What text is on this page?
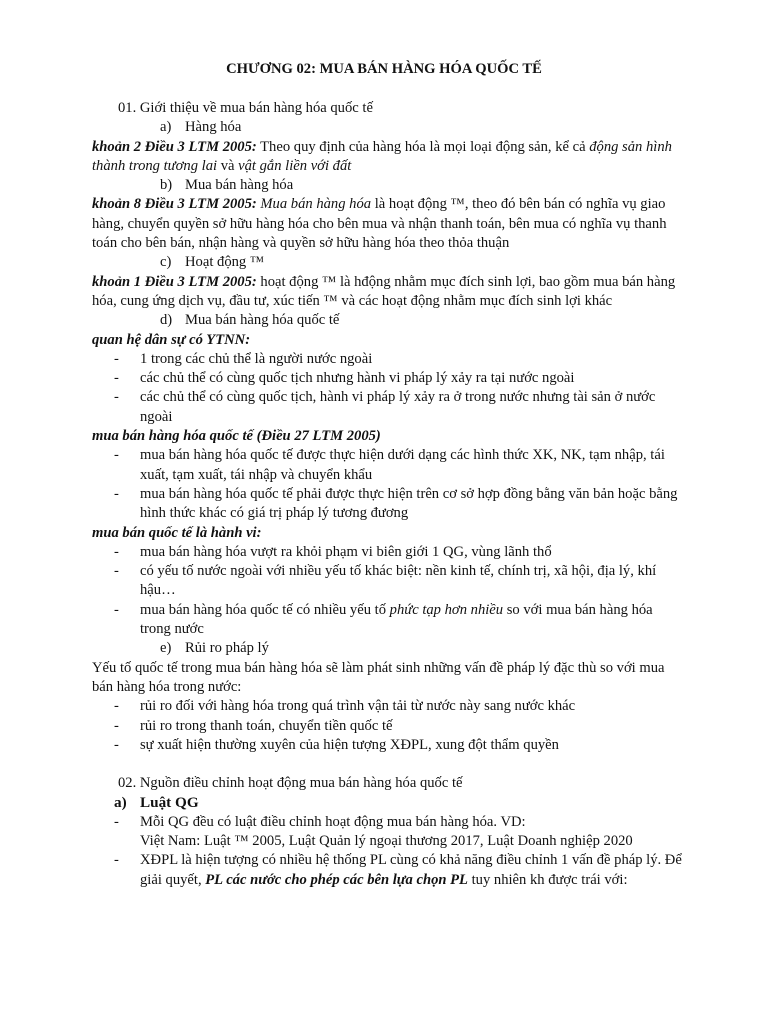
CHƯƠNG 02: MUA BÁN HÀNG HÓA QUỐC TẾ

01. Giới thiệu về mua bán hàng hóa quốc tế

a) Hàng hóa

khoản 2 Điều 3 LTM 2005: Theo quy định của hàng hóa là mọi loại động sản, kể cả động sản hình thành trong tương lai và vật gắn liền với đất

b) Mua bán hàng hóa

khoản 8 Điều 3 LTM 2005: Mua bán hàng hóa là hoạt động ™, theo đó bên bán có nghĩa vụ giao hàng, chuyển quyền sở hữu hàng hóa cho bên mua và nhận thanh toán, bên mua có nghĩa vụ thanh toán cho bên bán, nhận hàng và quyền sở hữu hàng hóa theo thỏa thuận

c) Hoạt động ™

khoản 1 Điều 3 LTM 2005: hoạt động ™ là hđộng nhằm mục đích sinh lợi, bao gồm mua bán hàng hóa, cung ứng dịch vụ, đầu tư, xúc tiến ™ và các hoạt động nhằm mục đích sinh lợi khác

d) Mua bán hàng hóa quốc tế

quan hệ dân sự có YTNN:

-	1 trong các chủ thể là người nước ngoài
-	các chủ thể có cùng quốc tịch nhưng hành vi pháp lý xảy ra tại nước ngoài
-	các chủ thể có cùng quốc tịch, hành vi pháp lý xảy ra ở trong nước nhưng tài sản ở nước ngoài

mua bán hàng hóa quốc tế (Điều 27 LTM 2005)

-	mua bán hàng hóa quốc tế được thực hiện dưới dạng các hình thức XK, NK, tạm nhập, tái xuất, tạm xuất, tái nhập và chuyển khẩu
-	mua bán hàng hóa quốc tế phải được thực hiện trên cơ sở hợp đồng bằng văn bản hoặc bằng hình thức khác có giá trị pháp lý tương đương

mua bán quốc tế là hành vi:

-	mua bán hàng hóa vượt ra khỏi phạm vi biên giới 1 QG, vùng lãnh thổ
-	có yếu tố nước ngoài với nhiều yếu tố khác biệt: nền kinh tế, chính trị, xã hội, địa lý, khí hậu…
-	mua bán hàng hóa quốc tế có nhiều yếu tố phức tạp hơn nhiều so với mua bán hàng hóa trong nước
e) Rủi ro pháp lý

Yếu tố quốc tế trong mua bán hàng hóa sẽ làm phát sinh những vấn đề pháp lý đặc thù so với mua bán hàng hóa trong nước:

-	rủi ro đối với hàng hóa trong quá trình vận tải từ nước này sang nước khác
-	rủi ro trong thanh toán, chuyển tiền quốc tế
-	sự xuất hiện thường xuyên của hiện tượng XĐPL, xung đột thẩm quyền

02. Nguồn điều chỉnh hoạt động mua bán hàng hóa quốc tế

a) Luật QG
-	Mỗi QG đều có luật điều chỉnh hoạt động mua bán hàng hóa. VD:

Việt Nam: Luật ™ 2005, Luật Quản lý ngoại thương 2017, Luật Doanh nghiệp 2020

-	XĐPL là hiện tượng có nhiều hệ thống PL cùng có khả năng điều chỉnh 1 vấn đề pháp lý. Để giải quyết, PL các nước cho phép các bên lựa chọn PL tuy nhiên kh được trái với:
